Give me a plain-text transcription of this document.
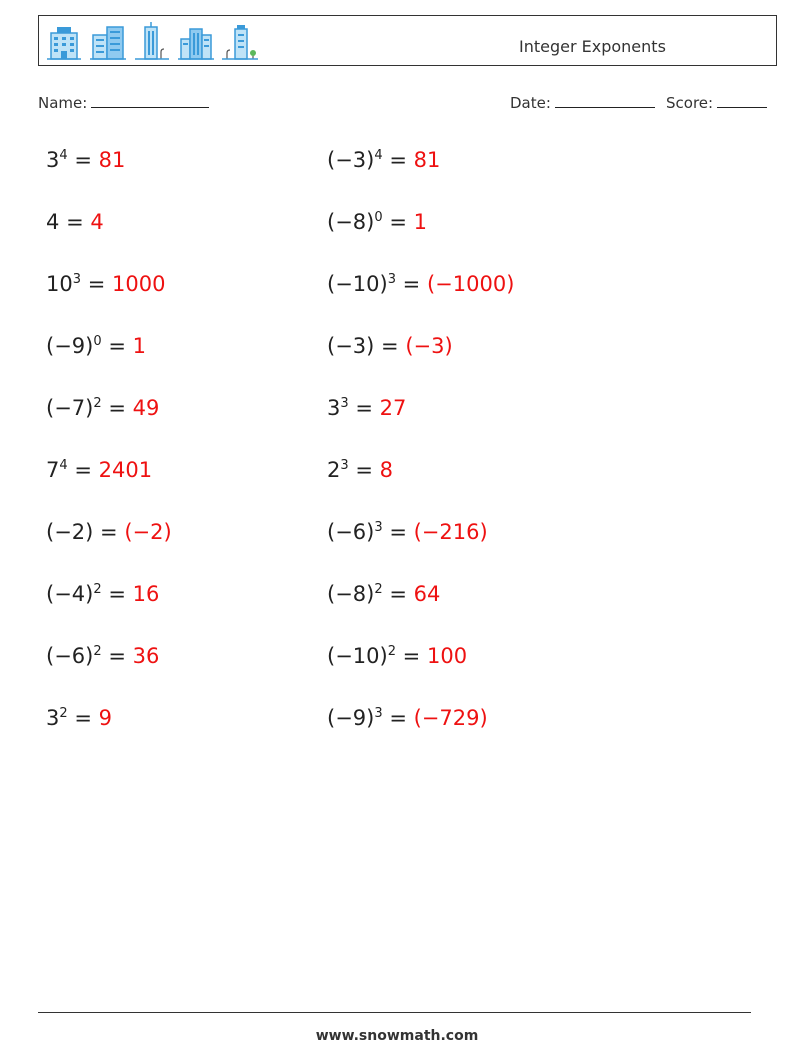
Integer Exponents
Name:	Date:	Score:
$3^4 = 81$
4 = 4
$10^3 = 1000$
$(-9)^0 = 1$
$(-7)^2 = 49$
$7^4 = 2401$
(−2) = (−2)
$(-4)^2 = 16$
$(-6)^2 = 36$
$3^2 = 9$
$(-3)^4 = 81$
$(-8)^0 = 1$
$(-10)^3 = (-1000)$
(−3) = (−3)
$3^3 = 27$
$2^3 = 8$
$(-6)^3 = (-216)$
$(-8)^2 = 64$
$(-10)^2 = 100$
$(-9)^3 = (-729)$
www.snowmath.com
